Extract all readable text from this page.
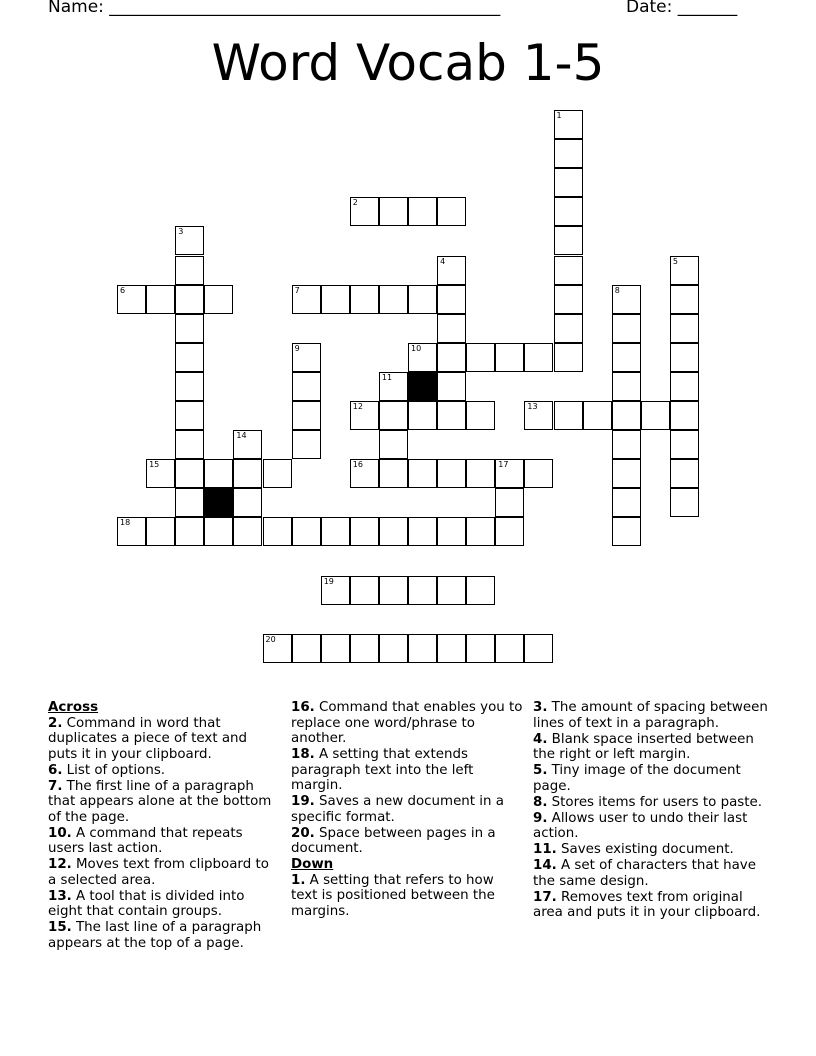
Name: ______________________________________________	Date: _______
Word Vocab 1-5
1
2
3
4	5
6	7	8
9	10
11
12	13
14
15	16	17
18
19
20
Across
2. Command in word that duplicates a piece of text and puts it in your clipboard.
6. List of options.
7. The first line of a paragraph that appears alone at the bottom of the page.
10. A command that repeats users last action.
12. Moves text from clipboard to a selected area.
13. A tool that is divided into eight that contain groups.
15. The last line of a paragraph appears at the top of a page.
16. Command that enables you to replace one word/phrase to another.
18. A setting that extends paragraph text into the left margin.
19. Saves a new document in a specific format.
20. Space between pages in a document.
Down
1. A setting that refers to how text is positioned between the margins.
3. The amount of spacing between lines of text in a paragraph.
4. Blank space inserted between the right or left margin.
5. Tiny image of the document page.
8. Stores items for users to paste.
9. Allows user to undo their last action.
11. Saves existing document.
14. A set of characters that have the same design.
17. Removes text from original area and puts it in your clipboard.
